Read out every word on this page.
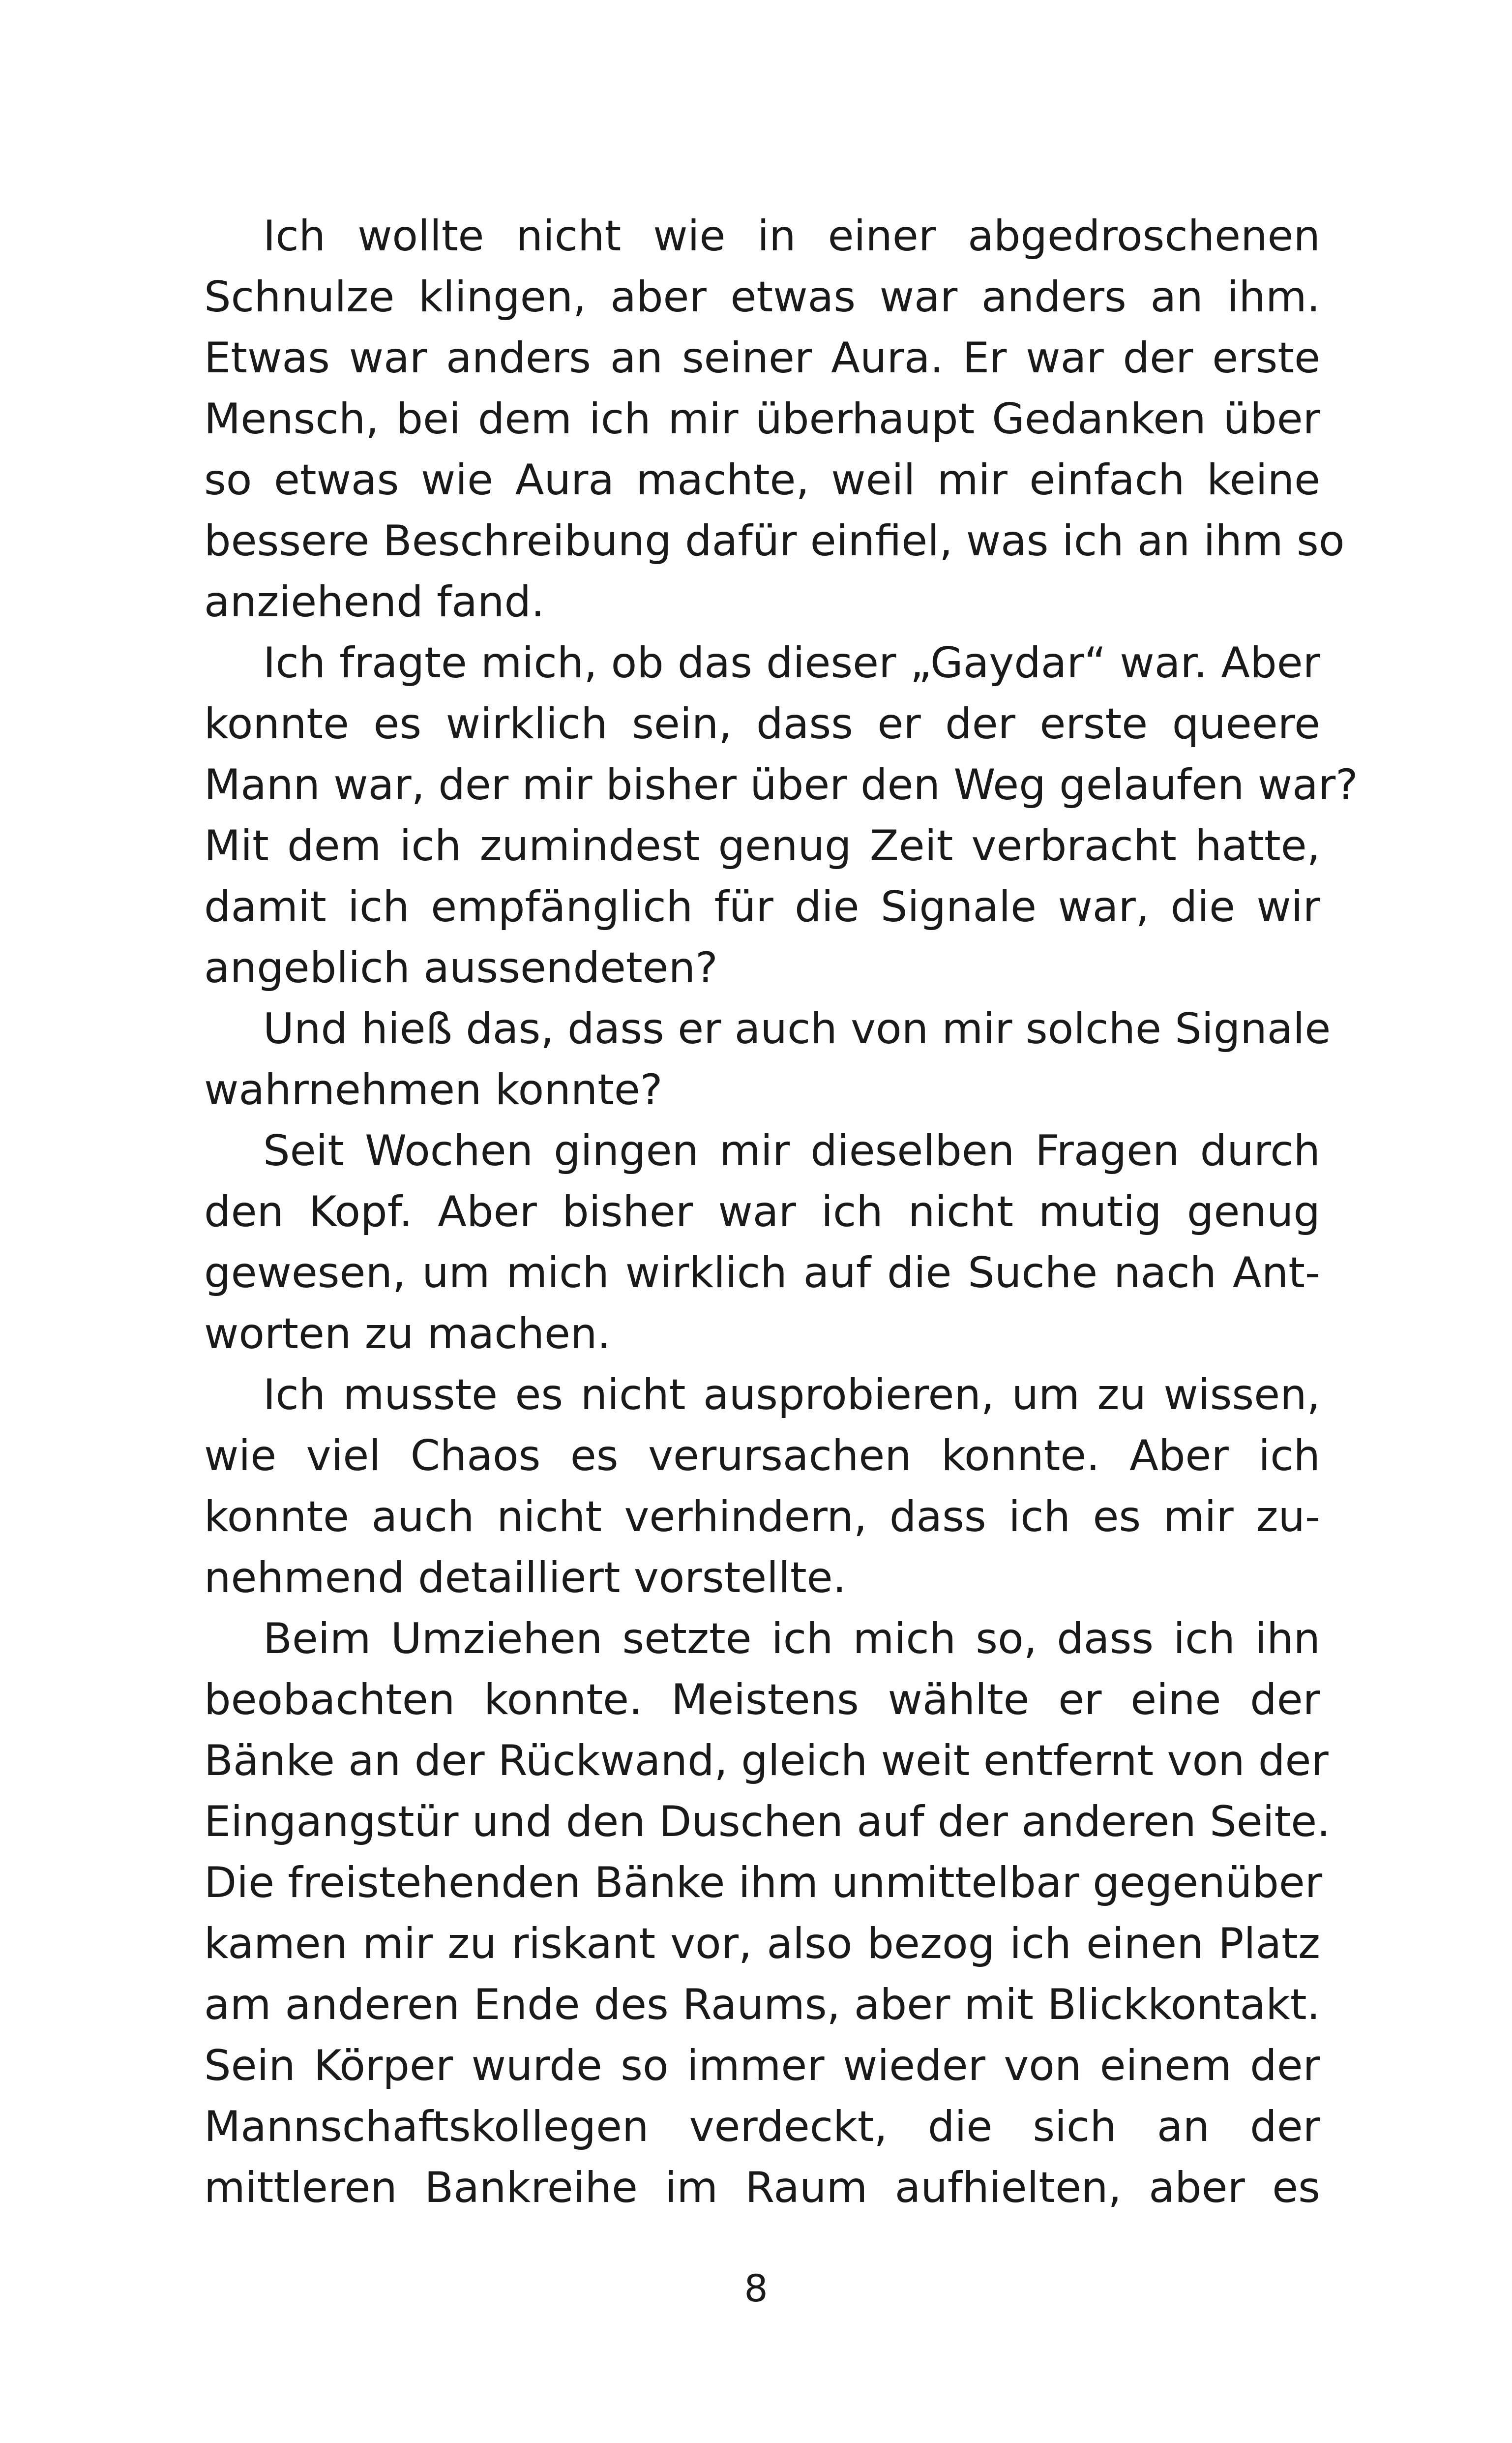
Ich wollte nicht wie in einer abgedroschenen
Schnulze klingen, aber etwas war anders an ihm.
Etwas war anders an seiner Aura. Er war der erste
Mensch, bei dem ich mir überhaupt Gedanken über
so etwas wie Aura machte, weil mir einfach keine
bessere Beschreibung dafür einfiel, was ich an ihm so
anziehend fand.
Ich fragte mich, ob das dieser „Gaydar“ war. Aber
konnte es wirklich sein, dass er der erste queere
Mann war, der mir bisher über den Weg gelaufen war?
Mit dem ich zumindest genug Zeit verbracht hatte,
damit ich empfänglich für die Signale war, die wir
angeblich aussendeten?
Und hieß das, dass er auch von mir solche Signale
wahrnehmen konnte?
Seit Wochen gingen mir dieselben Fragen durch
den Kopf. Aber bisher war ich nicht mutig genug
gewesen, um mich wirklich auf die Suche nach Ant-
worten zu machen.
Ich musste es nicht ausprobieren, um zu wissen,
wie viel Chaos es verursachen konnte. Aber ich
konnte auch nicht verhindern, dass ich es mir zu-
nehmend detailliert vorstellte.
Beim Umziehen setzte ich mich so, dass ich ihn
beobachten konnte. Meistens wählte er eine der
Bänke an der Rückwand, gleich weit entfernt von der
Eingangstür und den Duschen auf der anderen Seite.
Die freistehenden Bänke ihm unmittelbar gegenüber
kamen mir zu riskant vor, also bezog ich einen Platz
am anderen Ende des Raums, aber mit Blickkontakt.
Sein Körper wurde so immer wieder von einem der
Mannschaftskollegen verdeckt, die sich an der
mittleren Bankreihe im Raum aufhielten, aber es
8
